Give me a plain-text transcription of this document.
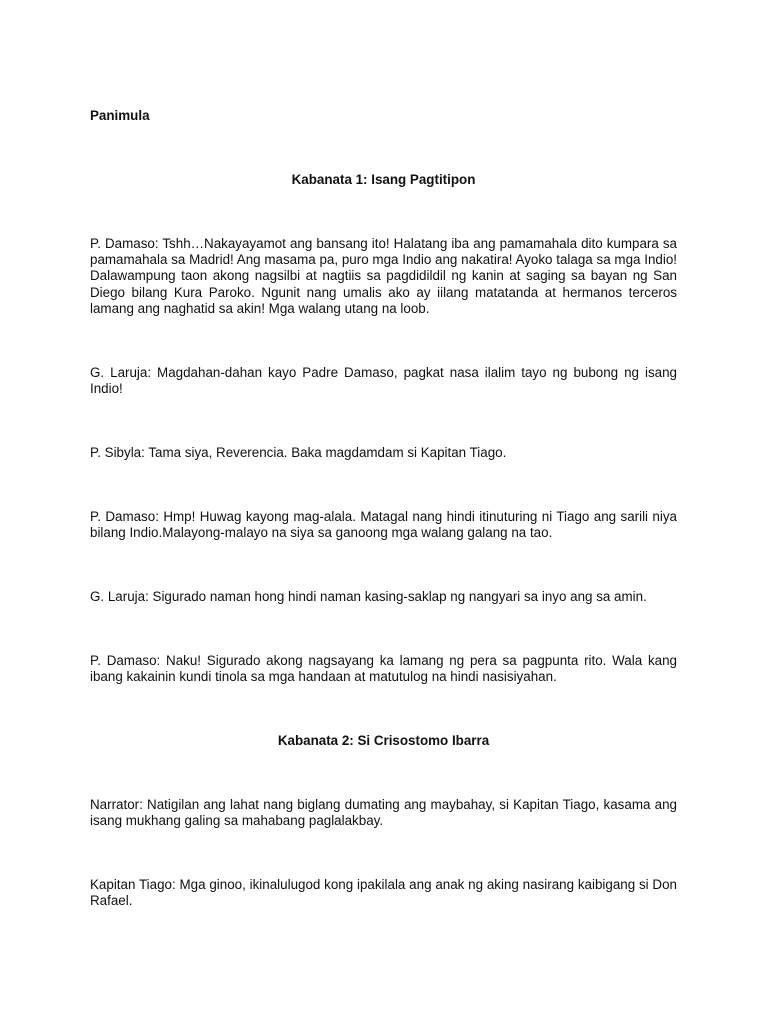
Panimula

Kabanata 1: Isang Pagtitipon

P. Damaso: Tshh…Nakayayamot ang bansang ito! Halatang iba ang pamamahala dito kumpara sa pamamahala sa Madrid! Ang masama pa, puro mga Indio ang nakatira! Ayoko talaga sa mga Indio! Dalawampung taon akong nagsilbi at nagtiis sa pagdidildil ng kanin at saging sa bayan ng San Diego bilang Kura Paroko. Ngunit nang umalis ako ay iilang matatanda at hermanos terceros lamang ang naghatid sa akin! Mga walang utang na loob.

G. Laruja: Magdahan-dahan kayo Padre Damaso, pagkat nasa ilalim tayo ng bubong ng isang Indio!

P. Sibyla: Tama siya, Reverencia. Baka magdamdam si Kapitan Tiago.

P. Damaso: Hmp! Huwag kayong mag-alala. Matagal nang hindi itinuturing ni Tiago ang sarili niya bilang Indio.Malayong-malayo na siya sa ganoong mga walang galang na tao.

G. Laruja: Sigurado naman hong hindi naman kasing-saklap ng nangyari sa inyo ang sa amin.

P. Damaso: Naku! Sigurado akong nagsayang ka lamang ng pera sa pagpunta rito. Wala kang ibang kakainin kundi tinola sa mga handaan at matutulog na hindi nasisiyahan.

Kabanata 2: Si Crisostomo Ibarra

Narrator: Natigilan ang lahat nang biglang dumating ang maybahay, si Kapitan Tiago, kasama ang isang mukhang galing sa mahabang paglalakbay.

Kapitan Tiago: Mga ginoo, ikinalulugod kong ipakilala ang anak ng aking nasirang kaibigang si Don Rafael.
